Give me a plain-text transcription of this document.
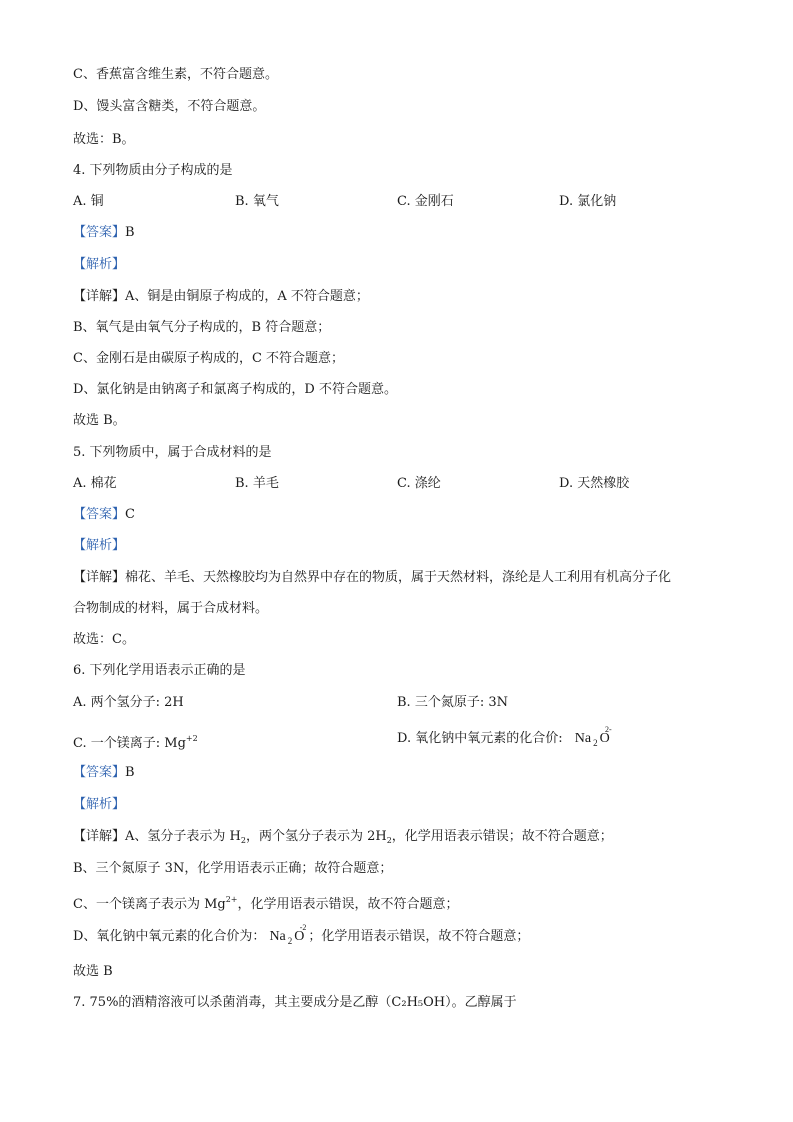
C、香蕉富含维生素，不符合题意。
D、馒头富含糖类，不符合题意。
故选：B。
4. 下列物质由分子构成的是
A. 铜	B. 氧气	C. 金刚石	D. 氯化钠
【答案】B
【解析】
【详解】A、铜是由铜原子构成的，A 不符合题意；
B、氧气是由氧气分子构成的，B 符合题意；
C、金刚石是由碳原子构成的，C 不符合题意；
D、氯化钠是由钠离子和氯离子构成的，D 不符合题意。
故选 B。
5. 下列物质中，属于合成材料的是
A. 棉花	B. 羊毛	C. 涤纶	D. 天然橡胶
【答案】C
【解析】
【详解】棉花、羊毛、天然橡胶均为自然界中存在的物质，属于天然材料，涤纶是人工利用有机高分子化
合物制成的材料，属于合成材料。
故选：C。
6. 下列化学用语表示正确的是
A. 两个氢分子: 2H	B. 三个氮原子: 3N
C. 一个镁离子: $Mg^{+2}$	D. 氧化钠中氧元素的化合价: Na $_2$ O
2-
【答案】B
【解析】
【详解】A、氢分子表示为 $H_2$，两个氢分子表示为 $2H_2$，化学用语表示错误；故不符合题意；
B、三个氮原子 3N，化学用语表示正确；故符合题意；
C、一个镁离子表示为 $Mg^{2+}$，化学用语表示错误，故不符合题意；
D、氧化钠中氧元素的化合价为： Na $_2$ O
-2
；化学用语表示错误，故不符合题意；
故选 B
7. 75%的酒精溶液可以杀菌消毒，其主要成分是乙醇（C₂H₅OH）。乙醇属于
